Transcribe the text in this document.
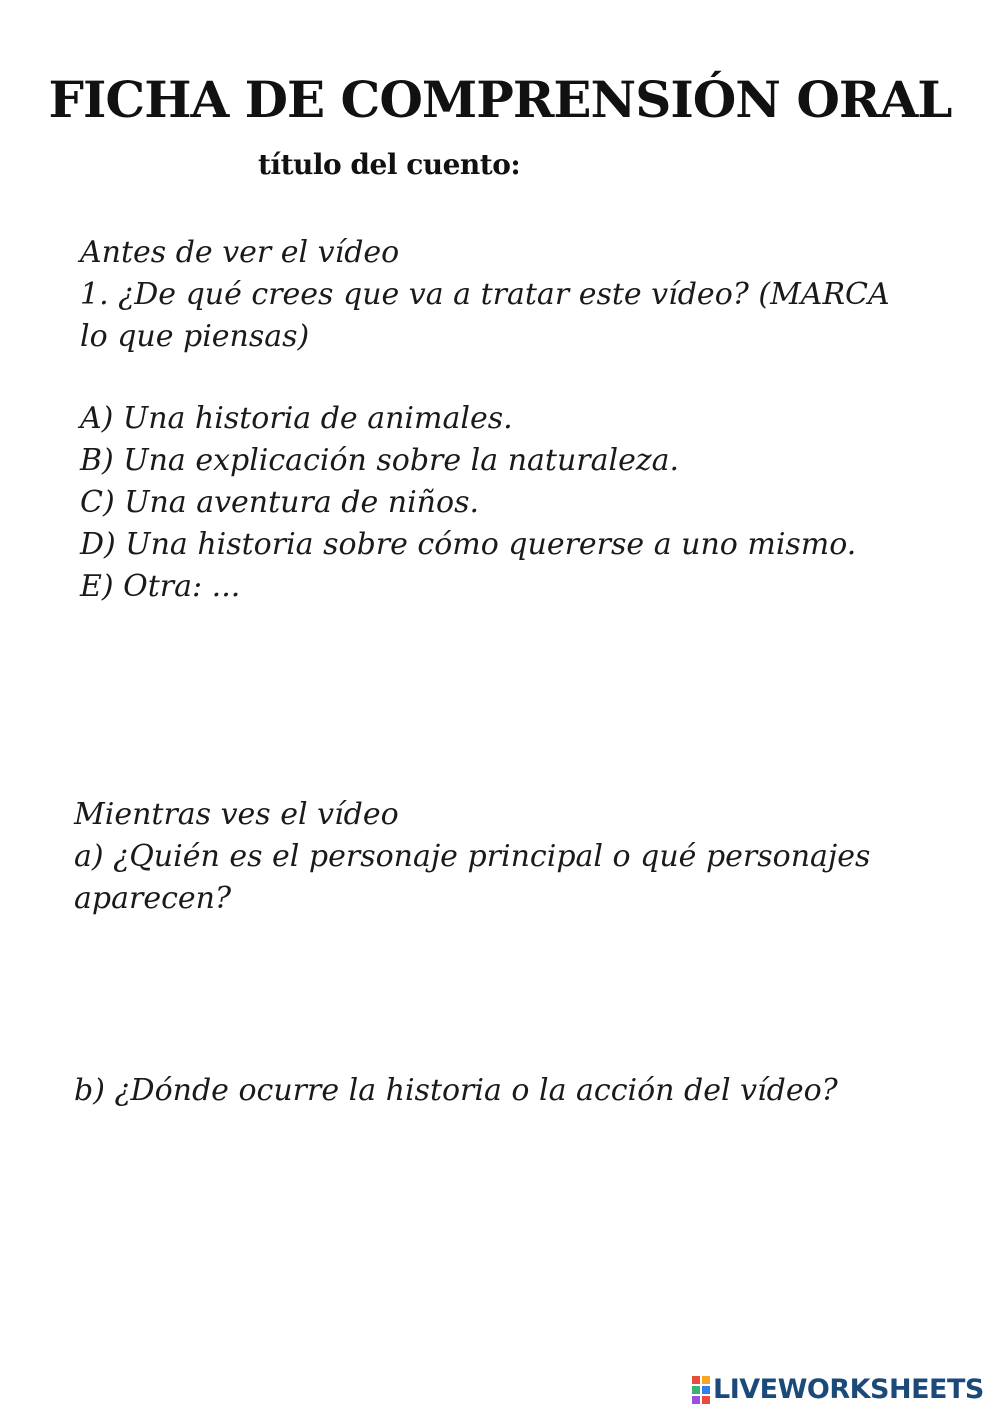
FICHA DE COMPRENSIÓN ORAL
título del cuento:

Antes de ver el vídeo

1. ¿De qué crees que va a tratar este vídeo? (MARCA

lo que piensas)

A) Una historia de animales.

B) Una explicación sobre la naturaleza.

C) Una aventura de niños.

D) Una historia sobre cómo quererse a uno mismo.

E) Otra: ...

Mientras ves el vídeo

a) ¿Quién es el personaje principal o qué personajes

aparecen?

b) ¿Dónde ocurre la historia o la acción del vídeo?

LIVEWORKSHEETS
